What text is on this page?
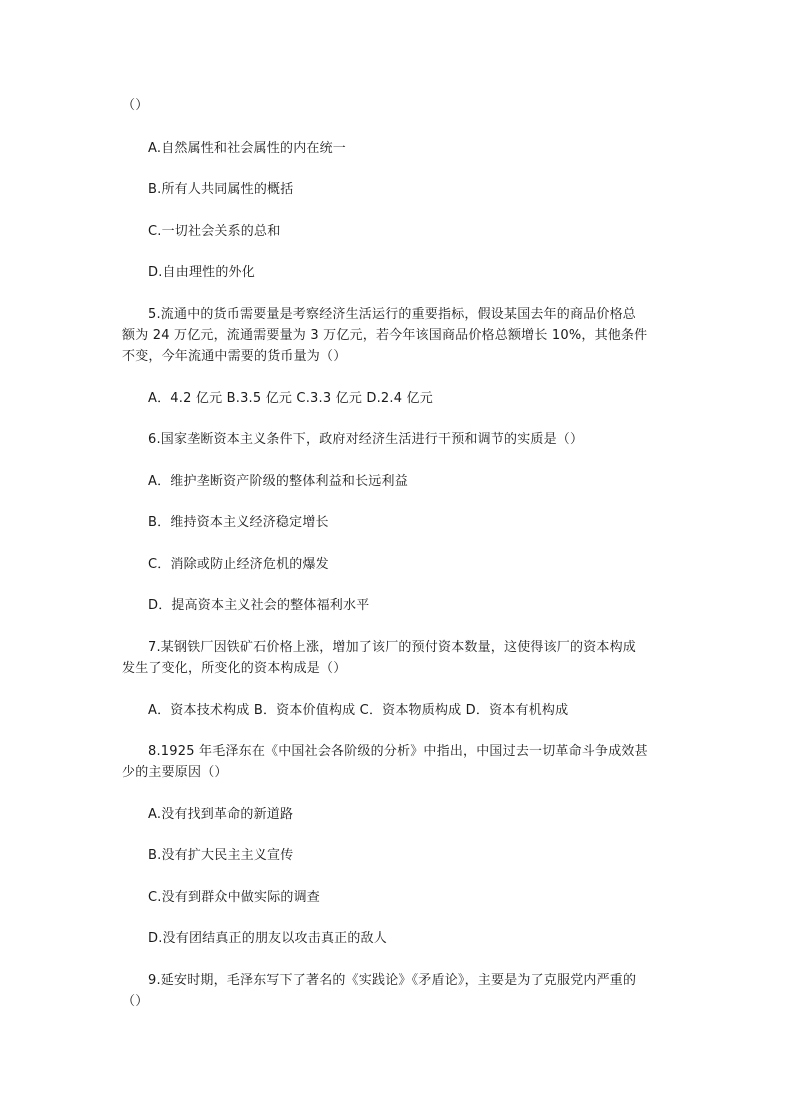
（）

A.自然属性和社会属性的内在统一

B.所有人共同属性的概括

C.一切社会关系的总和

D.自由理性的外化

5.流通中的货币需要量是考察经济生活运行的重要指标，假设某国去年的商品价格总

额为 24 万亿元，流通需要量为 3 万亿元，若今年该国商品价格总额增长 10%，其他条件

不变，今年流通中需要的货币量为（）

A．4.2 亿元 B.3.5 亿元 C.3.3 亿元 D.2.4 亿元

6.国家垄断资本主义条件下，政府对经济生活进行干预和调节的实质是（）

A．维护垄断资产阶级的整体利益和长远利益

B．维持资本主义经济稳定增长

C．消除或防止经济危机的爆发

D．提高资本主义社会的整体福利水平

7.某钢铁厂因铁矿石价格上涨，增加了该厂的预付资本数量，这使得该厂的资本构成

发生了变化，所变化的资本构成是（）

A．资本技术构成 B．资本价值构成 C．资本物质构成 D．资本有机构成

8.1925 年毛泽东在《中国社会各阶级的分析》中指出，中国过去一切革命斗争成效甚

少的主要原因（）

A.没有找到革命的新道路

B.没有扩大民主主义宣传

C.没有到群众中做实际的调查

D.没有团结真正的朋友以攻击真正的敌人

9.延安时期，毛泽东写下了著名的《实践论》《矛盾论》，主要是为了克服党内严重的

（）
